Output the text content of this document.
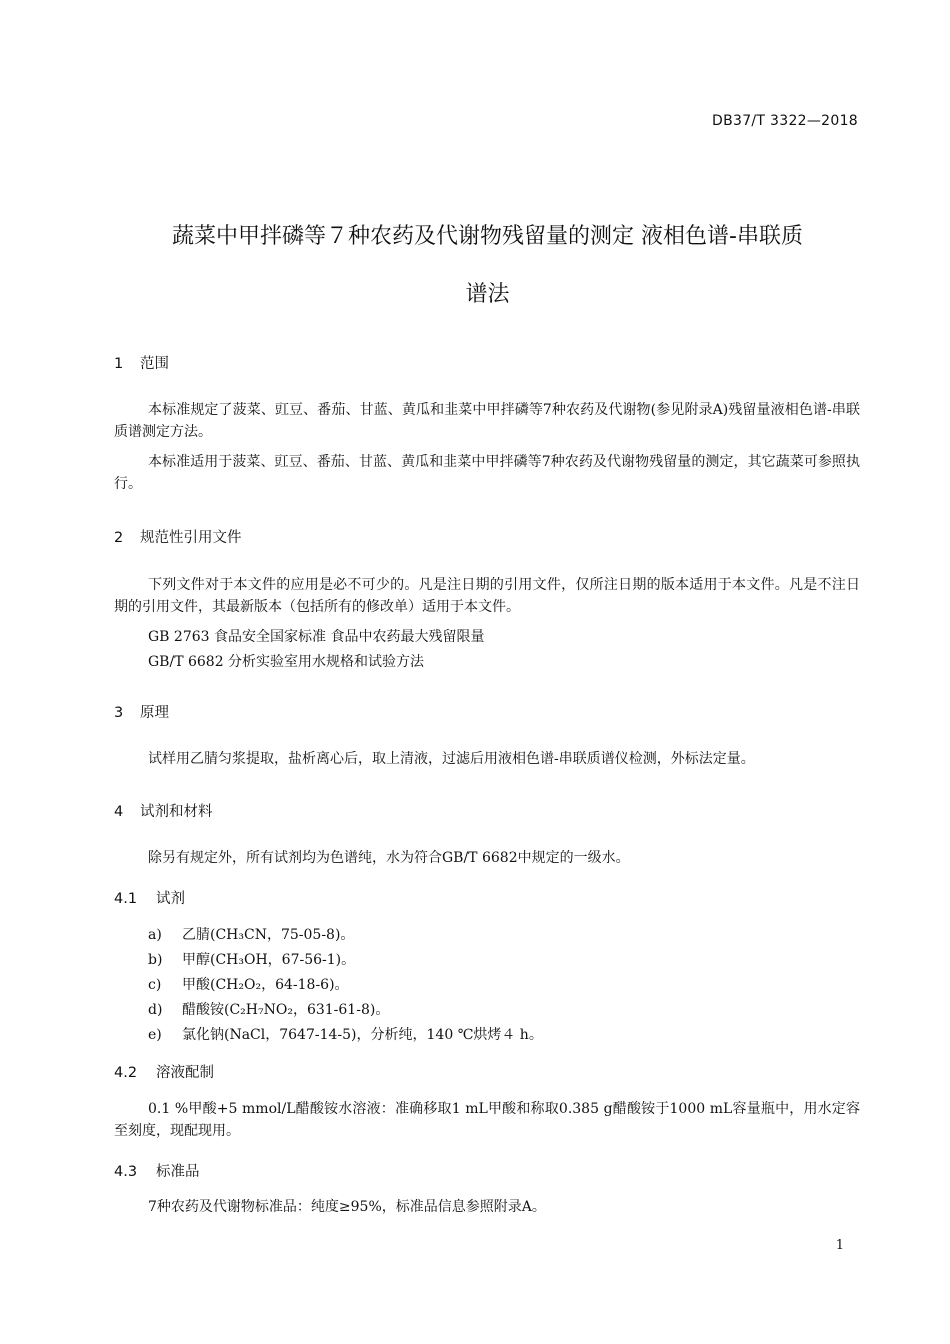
DB37/T 3322—2018
蔬菜中甲拌磷等７种农药及代谢物残留量的测定 液相色谱-串联质
谱法
1 范围

本标准规定了菠菜、豇豆、番茄、甘蓝、黄瓜和韭菜中甲拌磷等7种农药及代谢物(参见附录A)残留量液相色谱-串联质谱测定方法。

本标准适用于菠菜、豇豆、番茄、甘蓝、黄瓜和韭菜中甲拌磷等7种农药及代谢物残留量的测定，其它蔬菜可参照执行。

2 规范性引用文件

下列文件对于本文件的应用是必不可少的。凡是注日期的引用文件，仅所注日期的版本适用于本文件。凡是不注日期的引用文件，其最新版本（包括所有的修改单）适用于本文件。

GB 2763 食品安全国家标准 食品中农药最大残留限量
GB/T 6682 分析实验室用水规格和试验方法
3 原理

试样用乙腈匀浆提取，盐析离心后，取上清液，过滤后用液相色谱-串联质谱仪检测，外标法定量。

4 试剂和材料

除另有规定外，所有试剂均为色谱纯，水为符合GB/T 6682中规定的一级水。

4.1 试剂
a) 乙腈(CH₃CN，75-05-8)。
b) 甲醇(CH₃OH，67-56-1)。
c) 甲酸(CH₂O₂，64-18-6)。
d) 醋酸铵(C₂H₇NO₂，631-61-8)。
e) 氯化钠(NaCl，7647-14-5)，分析纯，140 ℃烘烤４ h。
4.2 溶液配制

0.1 %甲酸+5 mmol/L醋酸铵水溶液：准确移取1 mL甲酸和称取0.385 g醋酸铵于1000 mL容量瓶中，用水定容至刻度，现配现用。

4.3 标准品

7种农药及代谢物标准品：纯度≥95%，标准品信息参照附录A。

1
